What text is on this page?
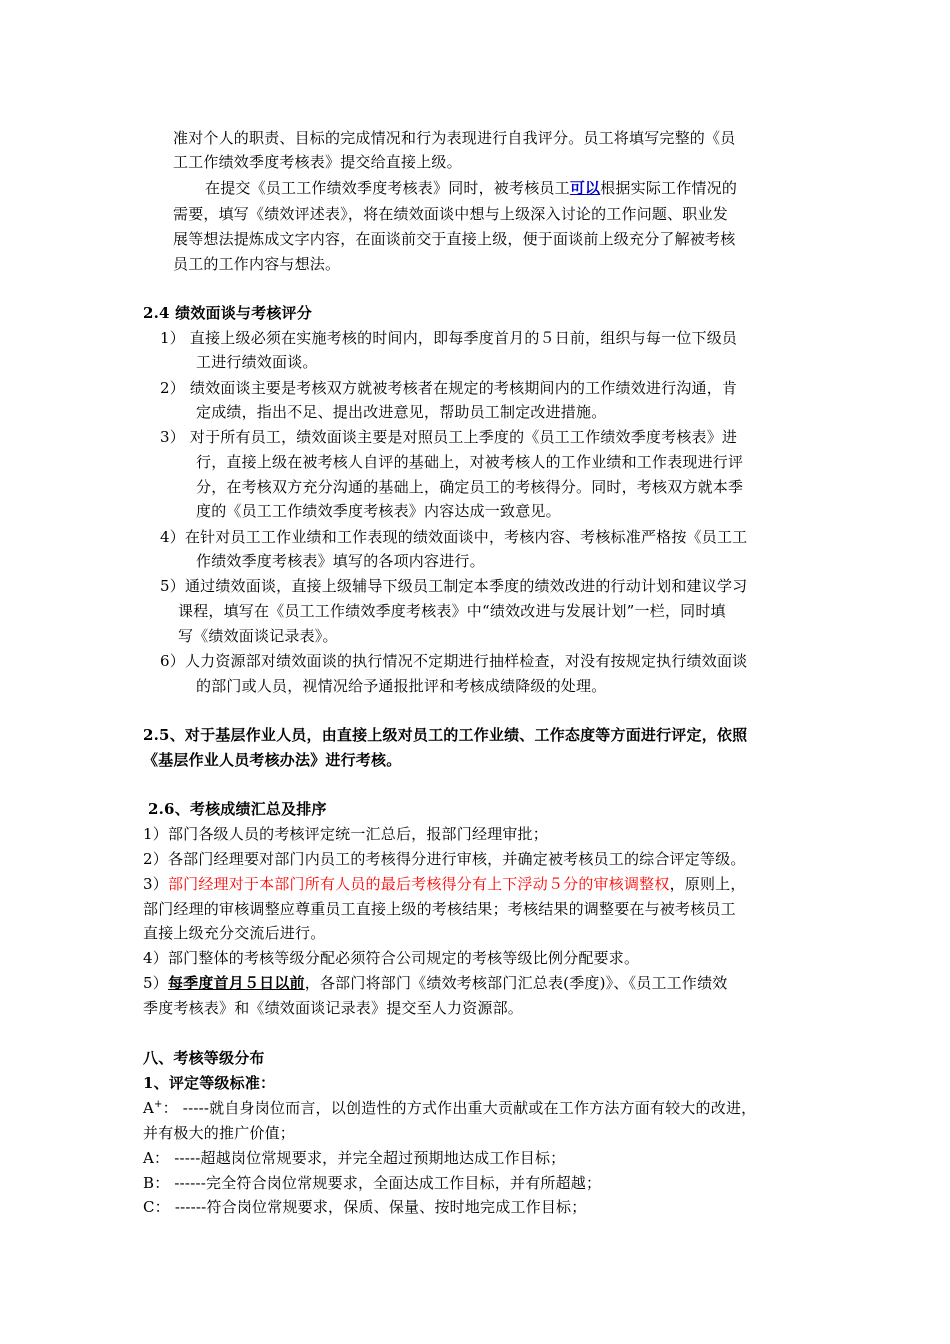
准对个人的职责、目标的完成情况和行为表现进行自我评分。员工将填写完整的《员
工工作绩效季度考核表》提交给直接上级。
在提交《员工工作绩效季度考核表》同时，被考核员工可以根据实际工作情况的
需要，填写《绩效评述表》，将在绩效面谈中想与上级深入讨论的工作问题、职业发
展等想法提炼成文字内容，在面谈前交于直接上级，便于面谈前上级充分了解被考核
员工的工作内容与想法。
2.4 绩效面谈与考核评分
1） 直接上级必须在实施考核的时间内，即每季度首月的５日前，组织与每一位下级员
工进行绩效面谈。
2） 绩效面谈主要是考核双方就被考核者在规定的考核期间内的工作绩效进行沟通，肯
定成绩，指出不足、提出改进意见，帮助员工制定改进措施。
3） 对于所有员工，绩效面谈主要是对照员工上季度的《员工工作绩效季度考核表》进
行，直接上级在被考核人自评的基础上，对被考核人的工作业绩和工作表现进行评
分，在考核双方充分沟通的基础上，确定员工的考核得分。同时，考核双方就本季
度的《员工工作绩效季度考核表》内容达成一致意见。
4）在针对员工工作业绩和工作表现的绩效面谈中，考核内容、考核标准严格按《员工工
作绩效季度考核表》填写的各项内容进行。
5）通过绩效面谈，直接上级辅导下级员工制定本季度的绩效改进的行动计划和建议学习
课程，填写在《员工工作绩效季度考核表》中“绩效改进与发展计划”一栏，同时填
写《绩效面谈记录表》。
6）人力资源部对绩效面谈的执行情况不定期进行抽样检查，对没有按规定执行绩效面谈
的部门或人员，视情况给予通报批评和考核成绩降级的处理。
2.5、对于基层作业人员，由直接上级对员工的工作业绩、工作态度等方面进行评定，依照
《基层作业人员考核办法》进行考核。
2.6、考核成绩汇总及排序
1）部门各级人员的考核评定统一汇总后，报部门经理审批；
2）各部门经理要对部门内员工的考核得分进行审核，并确定被考核员工的综合评定等级。
3）部门经理对于本部门所有人员的最后考核得分有上下浮动５分的审核调整权，原则上，
部门经理的审核调整应尊重员工直接上级的考核结果；考核结果的调整要在与被考核员工
直接上级充分交流后进行。
4）部门整体的考核等级分配必须符合公司规定的考核等级比例分配要求。
5）每季度首月５日以前，各部门将部门《绩效考核部门汇总表(季度)》、《员工工作绩效
季度考核表》和《绩效面谈记录表》提交至人力资源部。
八、考核等级分布
1、评定等级标准：
A+： -----就自身岗位而言，以创造性的方式作出重大贡献或在工作方法方面有较大的改进，
并有极大的推广价值；
A： -----超越岗位常规要求，并完全超过预期地达成工作目标；
B： ------完全符合岗位常规要求，全面达成工作目标，并有所超越；
C： ------符合岗位常规要求，保质、保量、按时地完成工作目标；
